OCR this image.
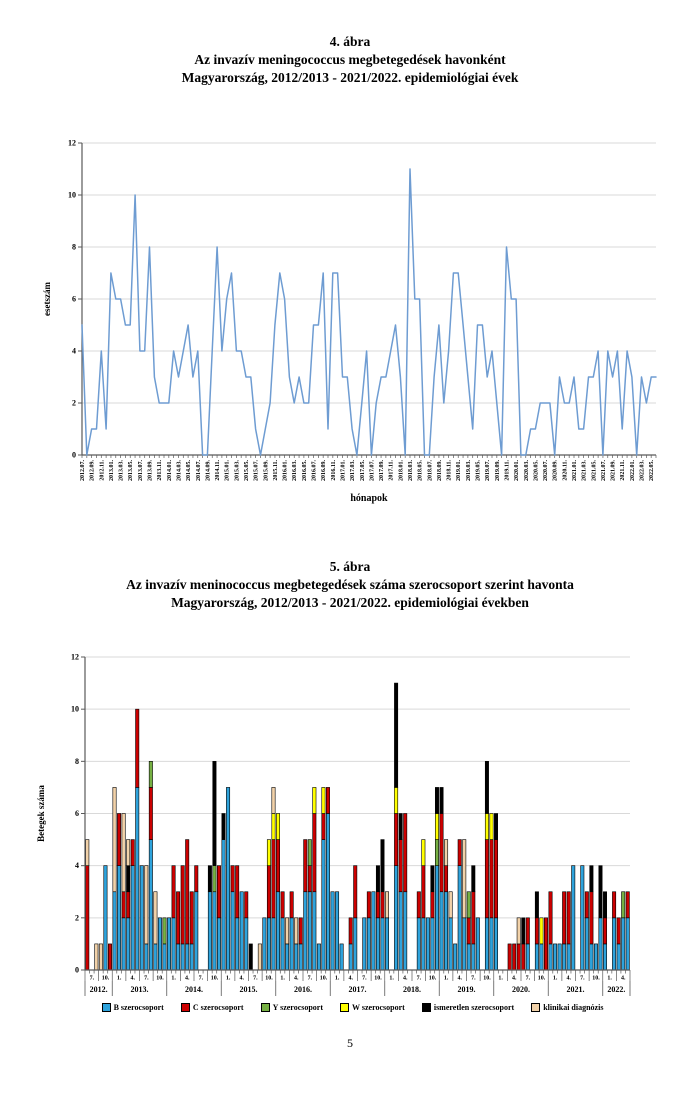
4. ábra
Az invazív meningococcus megbetegedések havonként
Magyarország, 2012/2013 - 2021/2022. epidemiológiai évek
0
2
4
6
8
10
12
esetszám
2012.07. 2012.09. 2012.11. 2013.01. 2013.03. 2013.05. 2013.07. 2013.09. 2013.11. 2014.01. 2014.03. 2014.05. 2014.07. 2014.09. 2014.11. 2015.01. 2015.03. 2015.05. 2015.07. 2015.09. 2015.11. 2016.01. 2016.03. 2016.05. 2016.07. 2016.09. 2016.11. 2017.01. 2017.03. 2017.05. 2017.07. 2017.09. 2017.11. 2018.01. 2018.03. 2018.05. 2018.07. 2018.09. 2018.11. 2019.01. 2019.03. 2019.05. 2019.07. 2019.09. 2019.11. 2020.01. 2020.03. 2020.05. 2020.07. 2020.09. 2020.11. 2021.01. 2021.03. 2021.05. 2021.07. 2021.09. 2021.11. 2022.01. 2022.03. 2022.05.
hónapok
5. ábra
Az invazív meninococcus megbetegedések száma szerocsoport szerint havonta
Magyarország, 2012/2013 - 2021/2022. epidemiológiai években
0
2
4
6
8
10
12
Betegek száma
7. 10. 1. 4. 7. 10. 1. 4. 7. 10. 1. 4. 7. 10. 1. 4. 7. 10. 1. 4. 7. 10. 1. 4. 7. 10. 1. 4. 7. 10. 1. 4. 7. 10. 1. 4. 7. 10. 1. 4.
2012.	2013.	2014.	2015.	2016.	2017.	2018.	2019.	2020.	2021.	2022.
B szerocsoport	C szerocsoport	Y szerocsoport	W szerocsoport	ismeretlen szerocsoport	klinikai diagnózis
5
